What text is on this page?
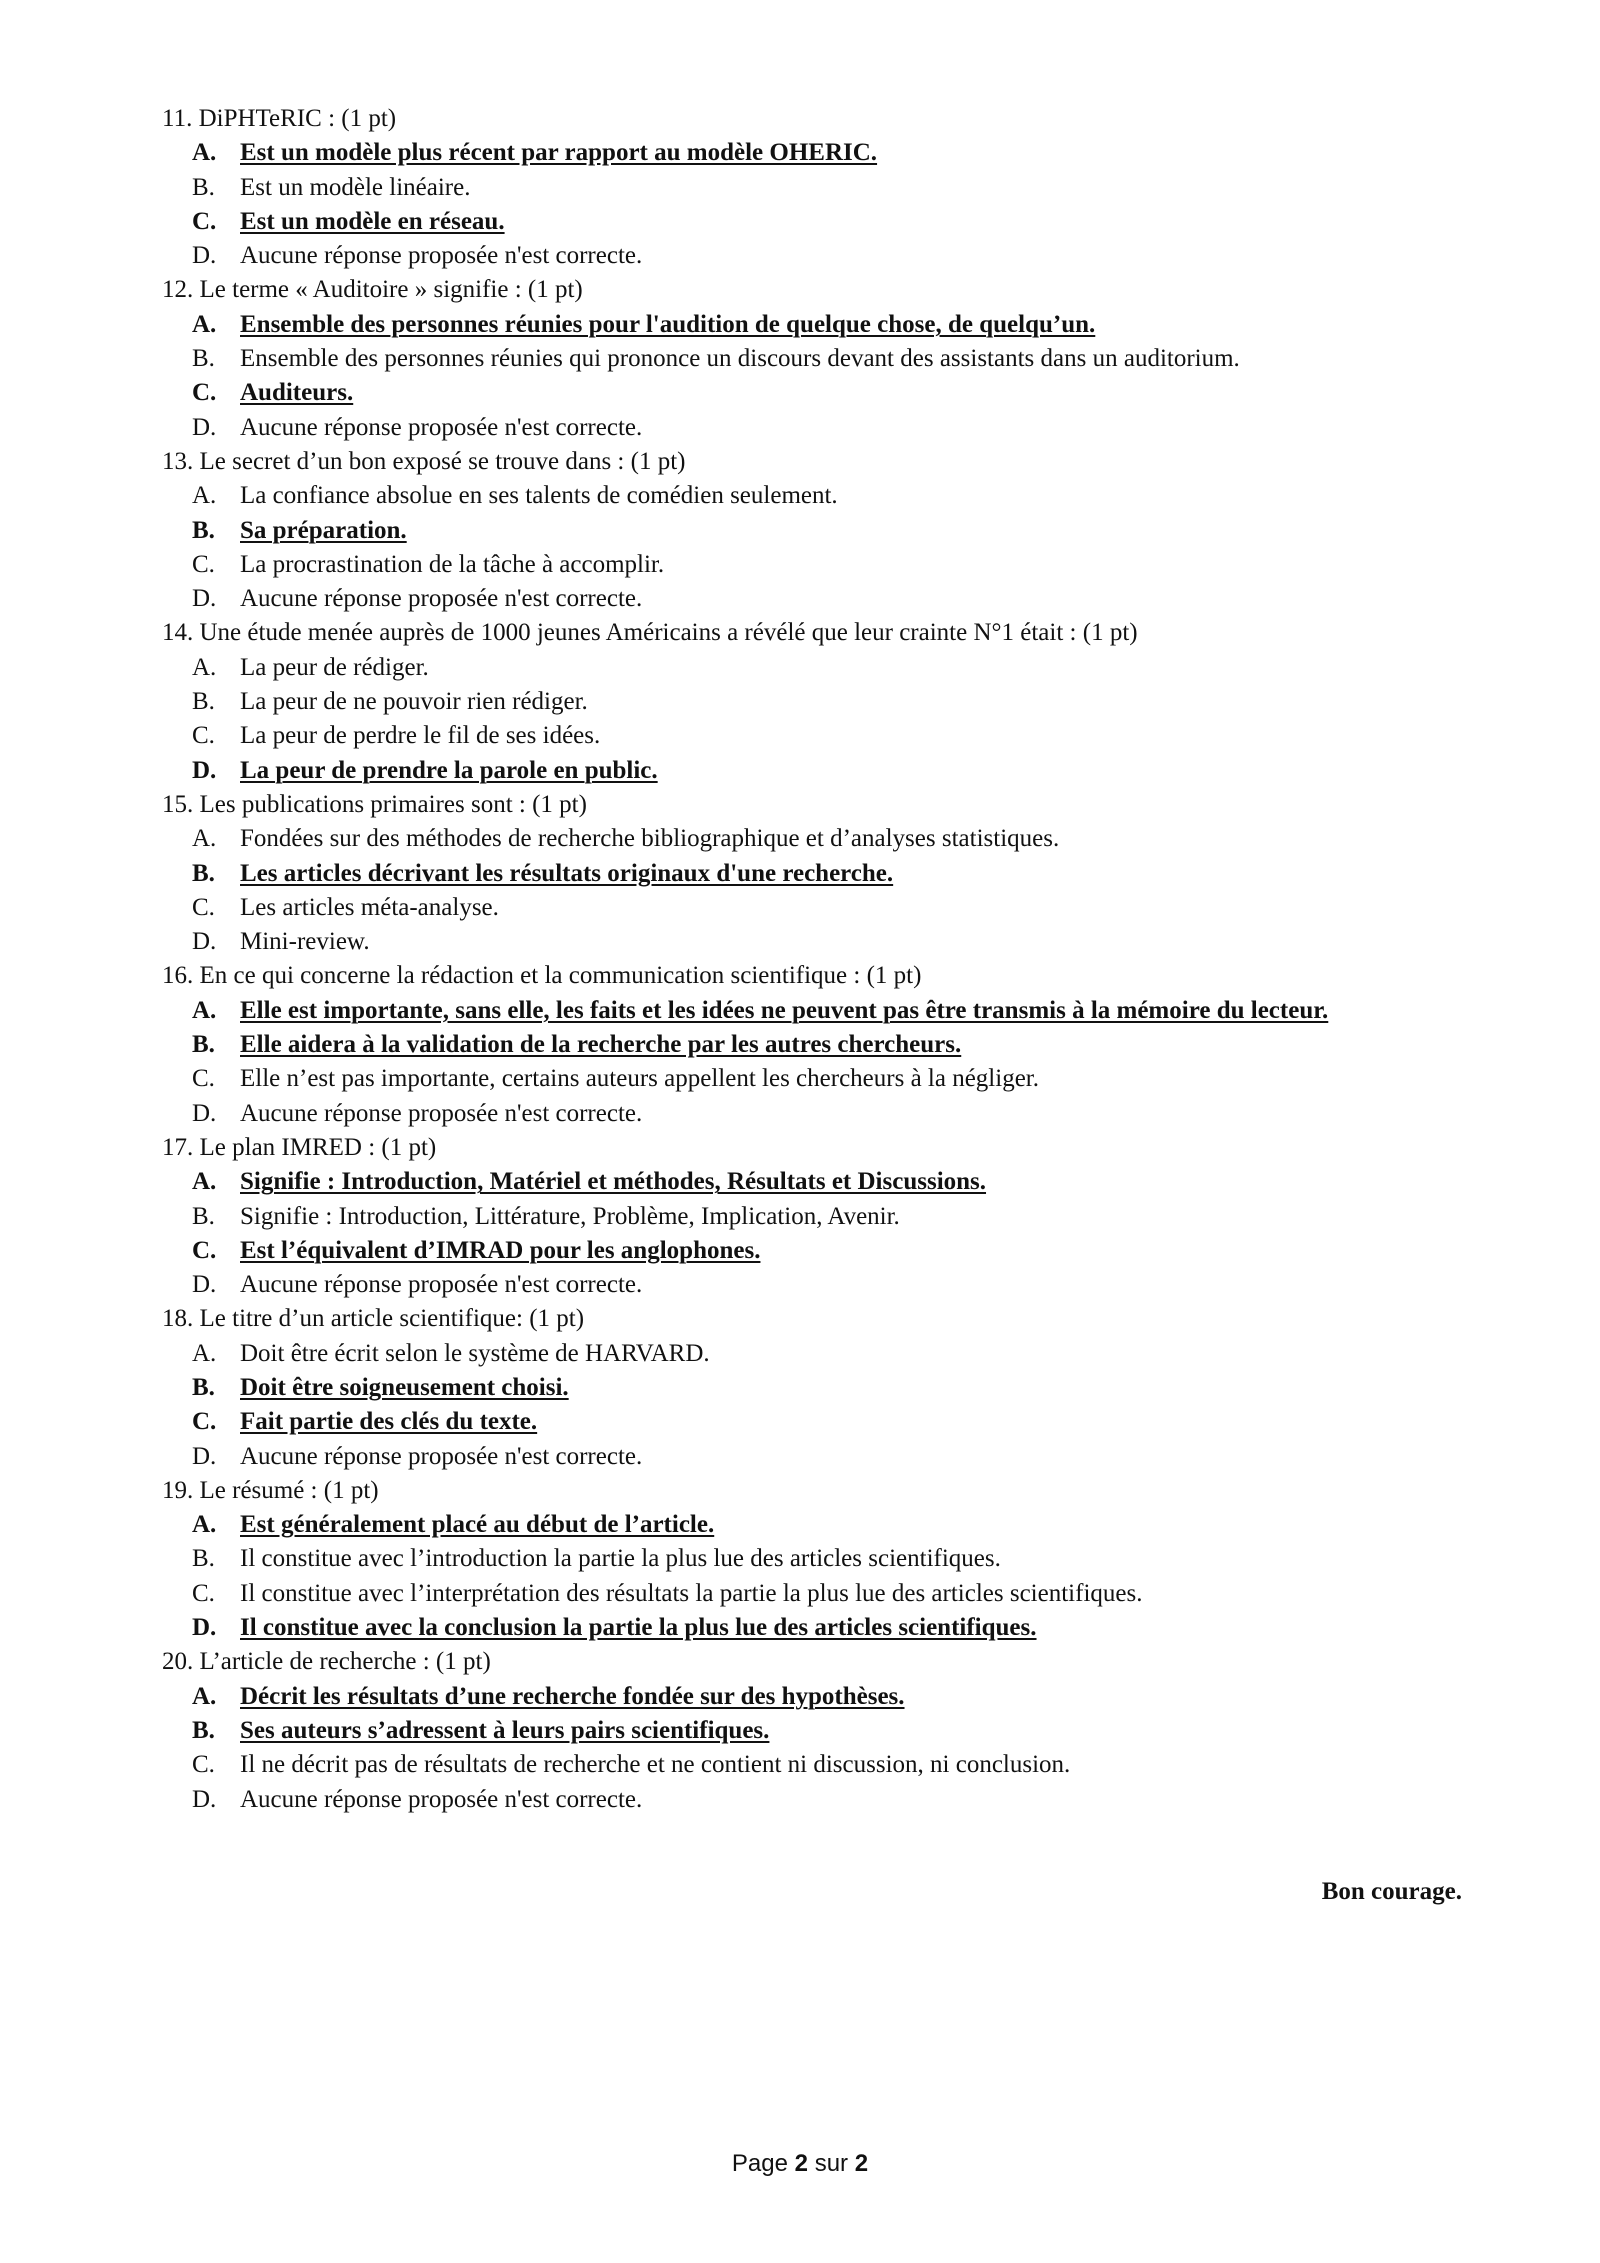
11. DiPHTeRIC : (1 pt)
A. Est un modèle plus récent par rapport au modèle OHERIC.
B.	Est un modèle linéaire.
C. Est un modèle en réseau.
D. Aucune réponse proposée n'est correcte.
12. Le terme « Auditoire » signifie : (1 pt)
A. Ensemble des personnes réunies pour l'audition de quelque chose, de quelqu’un.
B.	Ensemble des personnes réunies qui prononce un discours devant des assistants dans un auditorium.
C. Auditeurs.
D. Aucune réponse proposée n'est correcte.
13. Le secret d’un bon exposé se trouve dans : (1 pt)
A. La confiance absolue en ses talents de comédien seulement.
B.	Sa préparation.
C.	La procrastination de la tâche à accomplir.
D. Aucune réponse proposée n'est correcte.
14. Une étude menée auprès de 1000 jeunes Américains a révélé que leur crainte N°1 était : (1 pt)
A. La peur de rédiger.
B.	La peur de ne pouvoir rien rédiger.
C.	La peur de perdre le fil de ses idées.
D. La peur de prendre la parole en public.
15. Les publications primaires sont : (1 pt)
A. Fondées sur des méthodes de recherche bibliographique et d’analyses statistiques.
B.	Les articles décrivant les résultats originaux d'une recherche.
C.	Les articles méta-analyse.
D. Mini-review.
16. En ce qui concerne la rédaction et la communication scientifique : (1 pt)
A. Elle est importante, sans elle, les faits et les idées ne peuvent pas être transmis à la mémoire du lecteur.
B.	Elle aidera à la validation de la recherche par les autres chercheurs.
C.	Elle n’est pas importante, certains auteurs appellent les chercheurs à la négliger.
D. Aucune réponse proposée n'est correcte.
17. Le plan IMRED : (1 pt)
A. Signifie : Introduction, Matériel et méthodes, Résultats et Discussions.
B.	Signifie : Introduction, Littérature, Problème, Implication, Avenir.
C. Est l’équivalent d’IMRAD pour les anglophones.
D. Aucune réponse proposée n'est correcte.
18. Le titre d’un article scientifique: (1 pt)
A. Doit être écrit selon le système de HARVARD.
B.	Doit être soigneusement choisi.
C. Fait partie des clés du texte.
D. Aucune réponse proposée n'est correcte.
19. Le résumé : (1 pt)
A. Est généralement placé au début de l’article.
B.	Il constitue avec l’introduction la partie la plus lue des articles scientifiques.
C.	Il constitue avec l’interprétation des résultats la partie la plus lue des articles scientifiques.
D. Il constitue avec la conclusion la partie la plus lue des articles scientifiques.
20. L’article de recherche : (1 pt)
A. Décrit les résultats d’une recherche fondée sur des hypothèses.
B.	Ses auteurs s’adressent à leurs pairs scientifiques.
C.	Il ne décrit pas de résultats de recherche et ne contient ni discussion, ni conclusion.
D. Aucune réponse proposée n'est correcte.
Bon courage.
Page 2 sur 2
